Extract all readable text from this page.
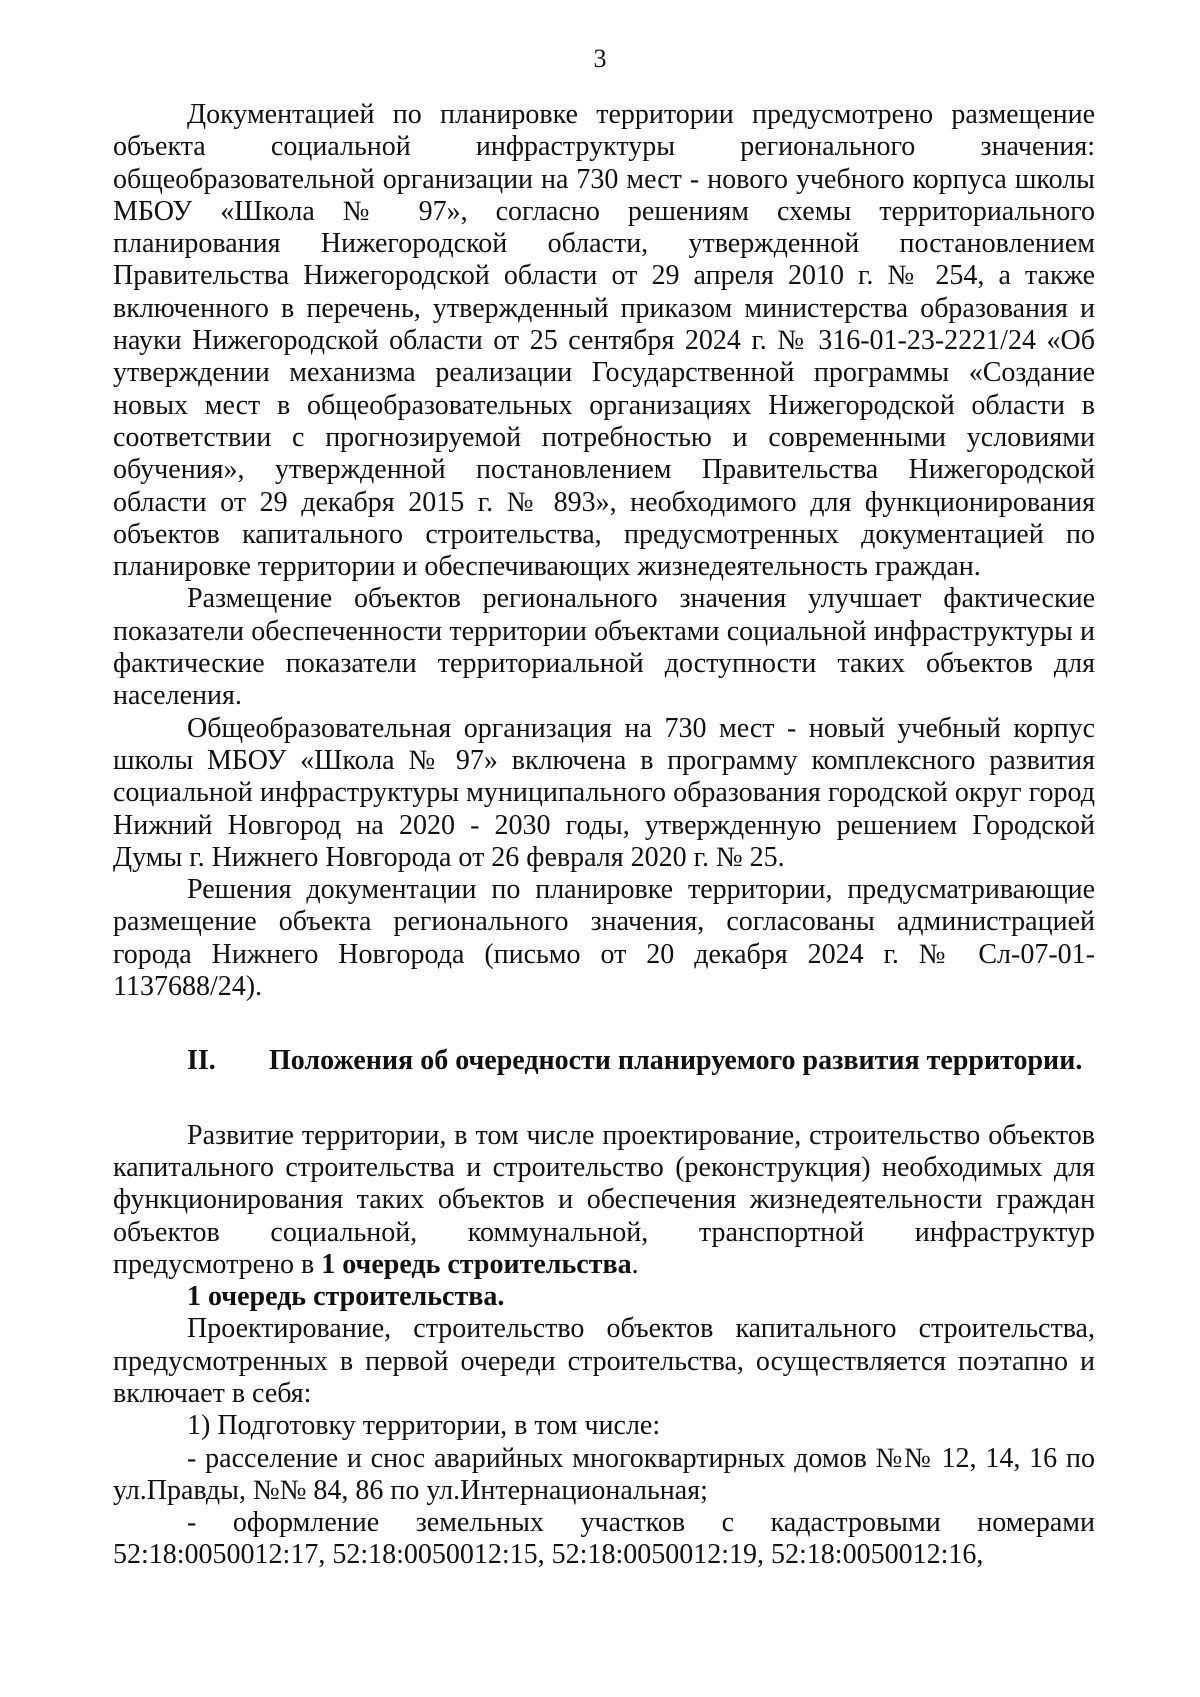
3

Документацией по планировке территории предусмотрено размещение объекта социальной инфраструктуры регионального значения: общеобразовательной организации на 730 мест - нового учебного корпуса школы МБОУ «Школа № 97», согласно решениям схемы территориального планирования Нижегородской области, утвержденной постановлением Правительства Нижегородской области от 29 апреля 2010 г. № 254, а также включенного в перечень, утвержденный приказом министерства образования и науки Нижегородской области от 25 сентября 2024 г. № 316-01-23-2221/24 «Об утверждении механизма реализации Государственной программы «Создание новых мест в общеобразовательных организациях Нижегородской области в соответствии с прогнозируемой потребностью и современными условиями обучения», утвержденной постановлением Правительства Нижегородской области от 29 декабря 2015 г. № 893», необходимого для функционирования объектов капитального строительства, предусмотренных документацией по планировке территории и обеспечивающих жизнедеятельность граждан.

Размещение объектов регионального значения улучшает фактические показатели обеспеченности территории объектами социальной инфраструктуры и фактические показатели территориальной доступности таких объектов для населения.

Общеобразовательная организация на 730 мест - новый учебный корпус школы МБОУ «Школа № 97» включена в программу комплексного развития социальной инфраструктуры муниципального образования городской округ город Нижний Новгород на 2020 - 2030 годы, утвержденную решением Городской Думы г. Нижнего Новгорода от 26 февраля 2020 г. № 25.

Решения документации по планировке территории, предусматривающие размещение объекта регионального значения, согласованы администрацией города Нижнего Новгорода (письмо от 20 декабря 2024 г. № Сл-07-01-1137688/24).

II. Положения об очередности планируемого развития территории.

Развитие территории, в том числе проектирование, строительство объектов капитального строительства и строительство (реконструкция) необходимых для функционирования таких объектов и обеспечения жизнедеятельности граждан объектов социальной, коммунальной, транспортной инфраструктур предусмотрено в 1 очередь строительства.

1 очередь строительства.

Проектирование, строительство объектов капитального строительства, предусмотренных в первой очереди строительства, осуществляется поэтапно и включает в себя:

1) Подготовку территории, в том числе:

- расселение и снос аварийных многоквартирных домов №№ 12, 14, 16 по ул.Правды, №№ 84, 86 по ул.Интернациональная;

- оформление земельных участков с кадастровыми номерами 52:18:0050012:17, 52:18:0050012:15, 52:18:0050012:19, 52:18:0050012:16,
